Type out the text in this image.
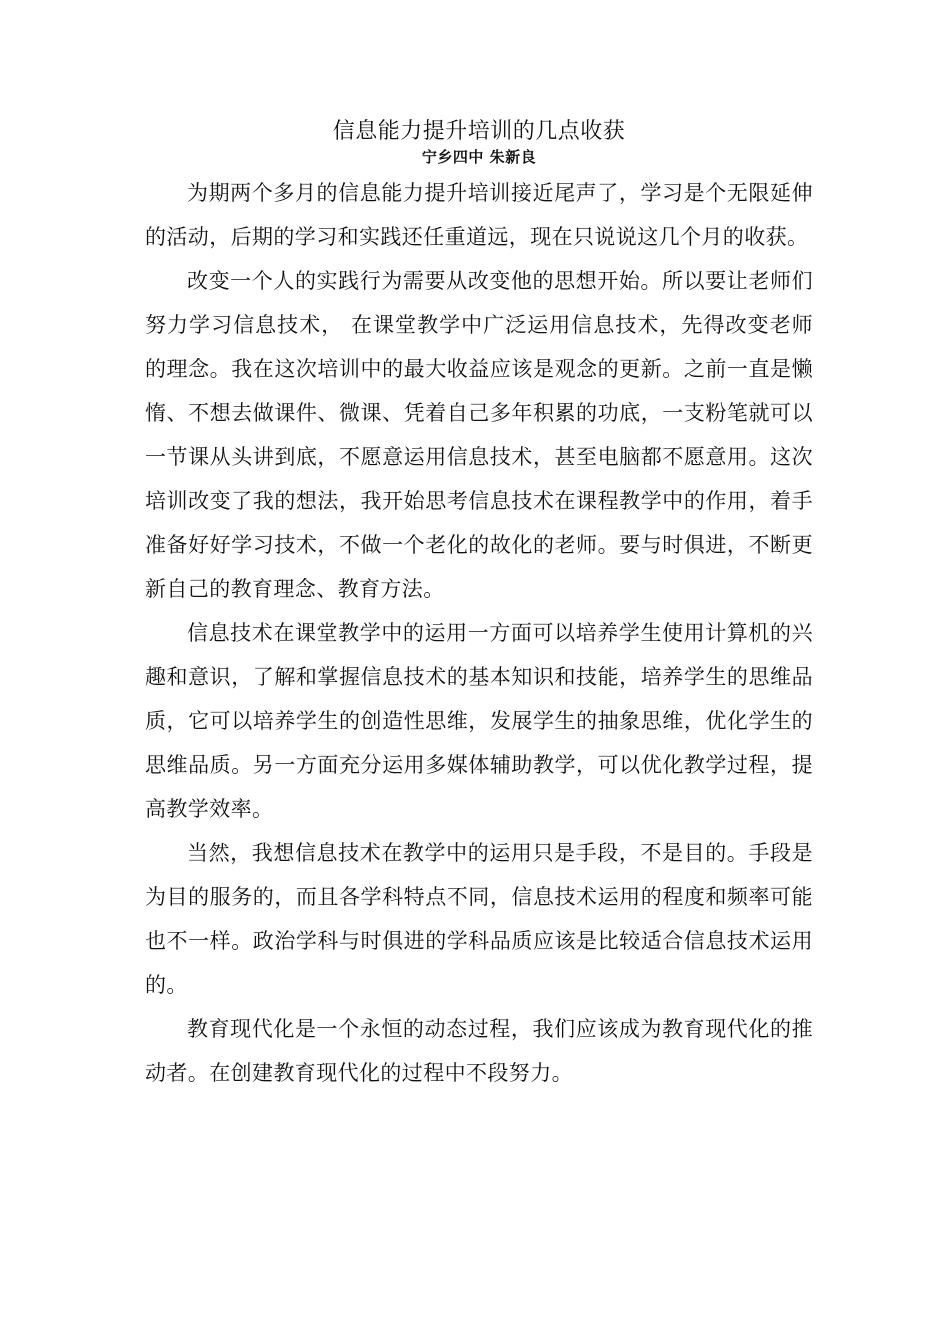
信息能力提升培训的几点收获
宁乡四中 朱新良

为期两个多月的信息能力提升培训接近尾声了，学习是个无限延伸的活动，后期的学习和实践还任重道远，现在只说说这几个月的收获。

改变一个人的实践行为需要从改变他的思想开始。所以要让老师们努力学习信息技术， 在课堂教学中广泛运用信息技术，先得改变老师的理念。我在这次培训中的最大收益应该是观念的更新。之前一直是懒惰、不想去做课件、微课、凭着自己多年积累的功底，一支粉笔就可以一节课从头讲到底，不愿意运用信息技术，甚至电脑都不愿意用。这次培训改变了我的想法，我开始思考信息技术在课程教学中的作用，着手准备好好学习技术，不做一个老化的故化的老师。要与时俱进，不断更新自己的教育理念、教育方法。

信息技术在课堂教学中的运用一方面可以培养学生使用计算机的兴趣和意识，了解和掌握信息技术的基本知识和技能，培养学生的思维品质，它可以培养学生的创造性思维，发展学生的抽象思维，优化学生的思维品质。另一方面充分运用多媒体辅助教学，可以优化教学过程，提高教学效率。

当然，我想信息技术在教学中的运用只是手段，不是目的。手段是为目的服务的，而且各学科特点不同，信息技术运用的程度和频率可能也不一样。政治学科与时俱进的学科品质应该是比较适合信息技术运用的。

教育现代化是一个永恒的动态过程，我们应该成为教育现代化的推动者。在创建教育现代化的过程中不段努力。
